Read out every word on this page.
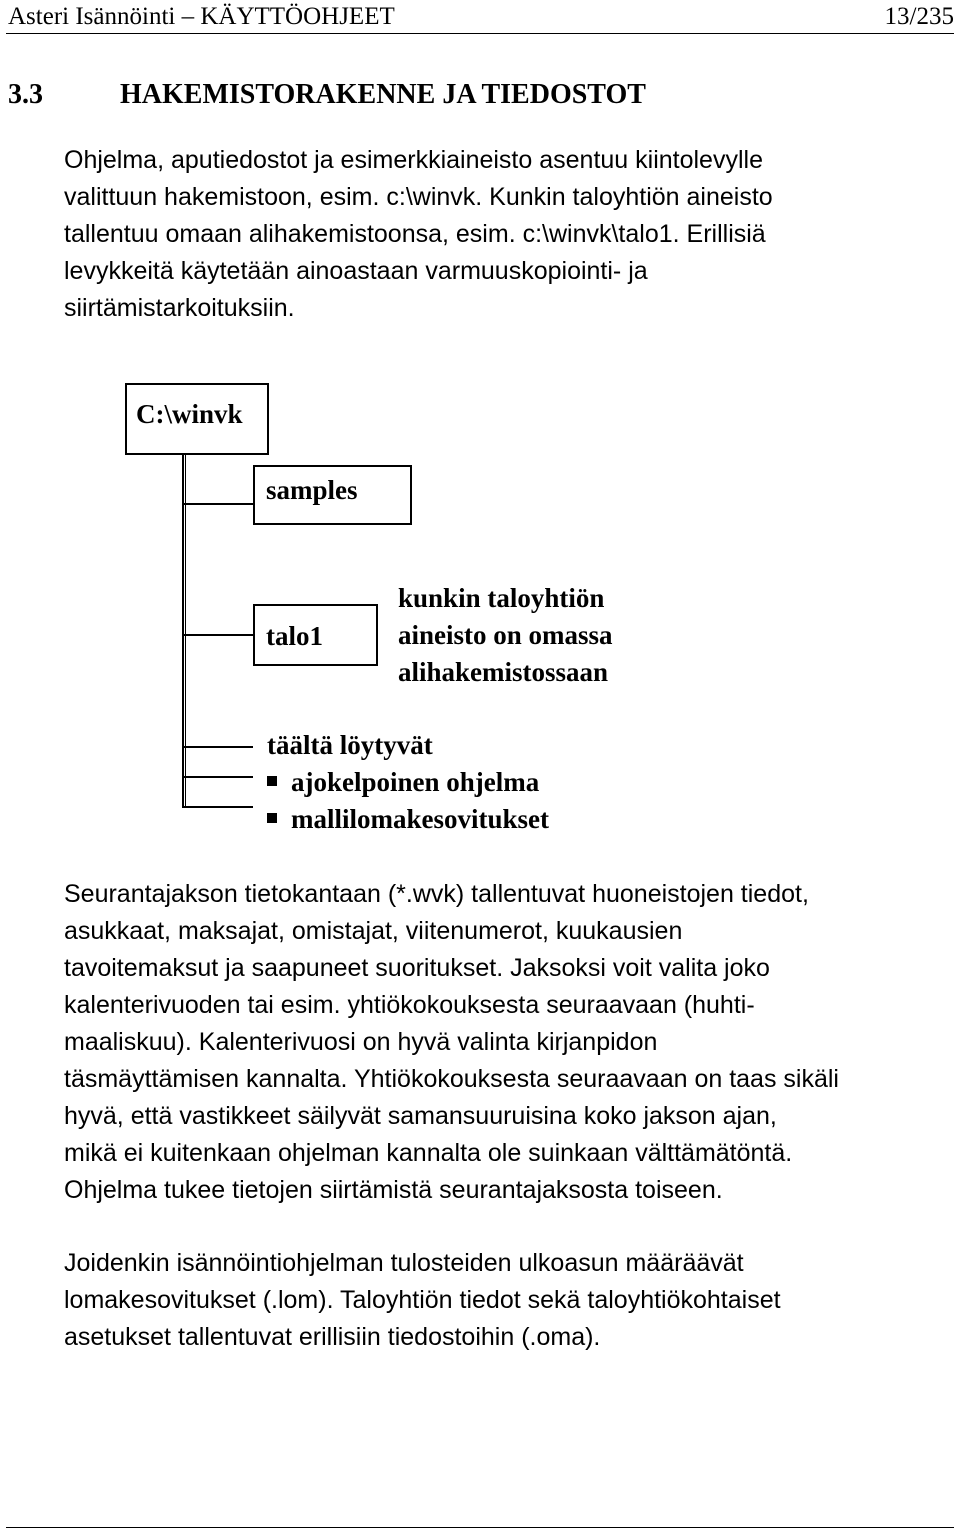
Asteri Isännöinti – KÄYTTÖOHJEET	13/235
3.3	HAKEMISTORAKENNE JA TIEDOSTOT
Ohjelma, aputiedostot ja esimerkkiaineisto asentuu kiintolevylle
valittuun hakemistoon, esim. c:\winvk. Kunkin taloyhtiön aineisto
tallentuu omaan alihakemistoonsa, esim. c:\winvk\talo1. Erillisiä
levykkeitä käytetään ainoastaan varmuuskopiointi- ja
siirtämistarkoituksiin.
C:\winvk
samples
talo1
kunkin taloyhtiön
aineisto on omassa
alihakemistossaan
täältä löytyvät
ajokelpoinen ohjelma
mallilomakesovitukset
Seurantajakson tietokantaan (*.wvk) tallentuvat huoneistojen tiedot,
asukkaat, maksajat, omistajat, viitenumerot, kuukausien
tavoitemaksut ja saapuneet suoritukset. Jaksoksi voit valita joko
kalenterivuoden tai esim. yhtiökokouksesta seuraavaan (huhti-
maaliskuu). Kalenterivuosi on hyvä valinta kirjanpidon
täsmäyttämisen kannalta. Yhtiökokouksesta seuraavaan on taas sikäli
hyvä, että vastikkeet säilyvät samansuuruisina koko jakson ajan,
mikä ei kuitenkaan ohjelman kannalta ole suinkaan välttämätöntä.
Ohjelma tukee tietojen siirtämistä seurantajaksosta toiseen.
Joidenkin isännöintiohjelman tulosteiden ulkoasun määräävät
lomakesovitukset (.lom). Taloyhtiön tiedot sekä taloyhtiökohtaiset
asetukset tallentuvat erillisiin tiedostoihin (.oma).
